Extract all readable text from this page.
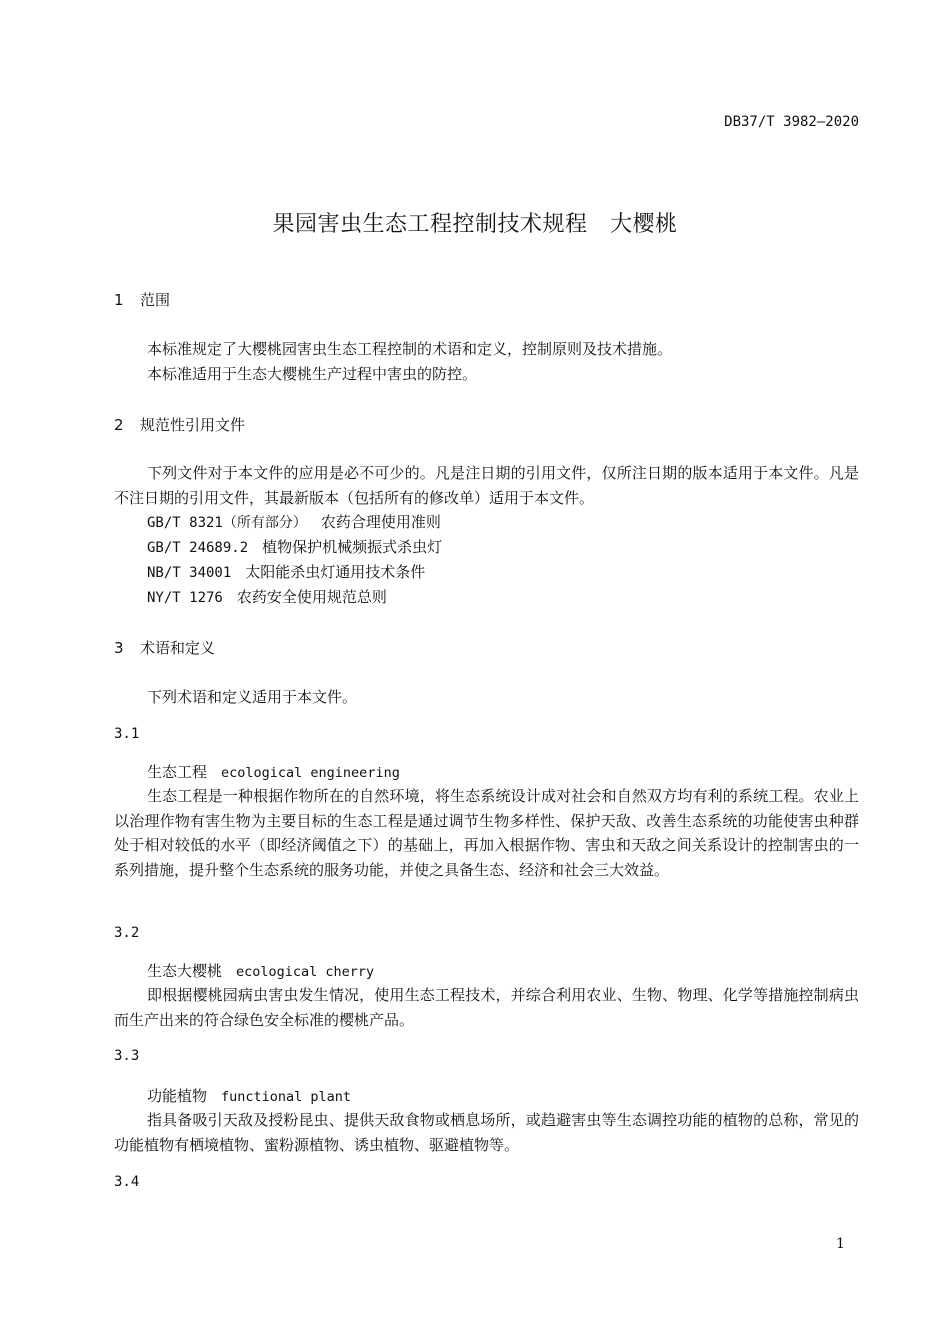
DB37/T 3982—2020
果园害虫生态工程控制技术规程　大樱桃
1 范围
本标准规定了大樱桃园害虫生态工程控制的术语和定义，控制原则及技术措施。
本标准适用于生态大樱桃生产过程中害虫的防控。
2 规范性引用文件
下列文件对于本文件的应用是必不可少的。凡是注日期的引用文件，仅所注日期的版本适用于本文件。凡是不注日期的引用文件，其最新版本（包括所有的修改单）适用于本文件。
GB/T 8321（所有部分） 农药合理使用准则
GB/T 24689.2 植物保护机械频振式杀虫灯
NB/T 34001 太阳能杀虫灯通用技术条件
NY/T 1276 农药安全使用规范总则
3 术语和定义
下列术语和定义适用于本文件。
3.1
生态工程 ecological engineering
生态工程是一种根据作物所在的自然环境，将生态系统设计成对社会和自然双方均有利的系统工程。农业上以治理作物有害生物为主要目标的生态工程是通过调节生物多样性、保护天敌、改善生态系统的功能使害虫种群处于相对较低的水平（即经济阈值之下）的基础上，再加入根据作物、害虫和天敌之间关系设计的控制害虫的一系列措施，提升整个生态系统的服务功能，并使之具备生态、经济和社会三大效益。
3.2
生态大樱桃 ecological cherry
即根据樱桃园病虫害虫发生情况，使用生态工程技术，并综合利用农业、生物、物理、化学等措施控制病虫而生产出来的符合绿色安全标准的樱桃产品。
3.3
功能植物 functional plant
指具备吸引天敌及授粉昆虫、提供天敌食物或栖息场所，或趋避害虫等生态调控功能的植物的总称，常见的功能植物有栖境植物、蜜粉源植物、诱虫植物、驱避植物等。
3.4
1
